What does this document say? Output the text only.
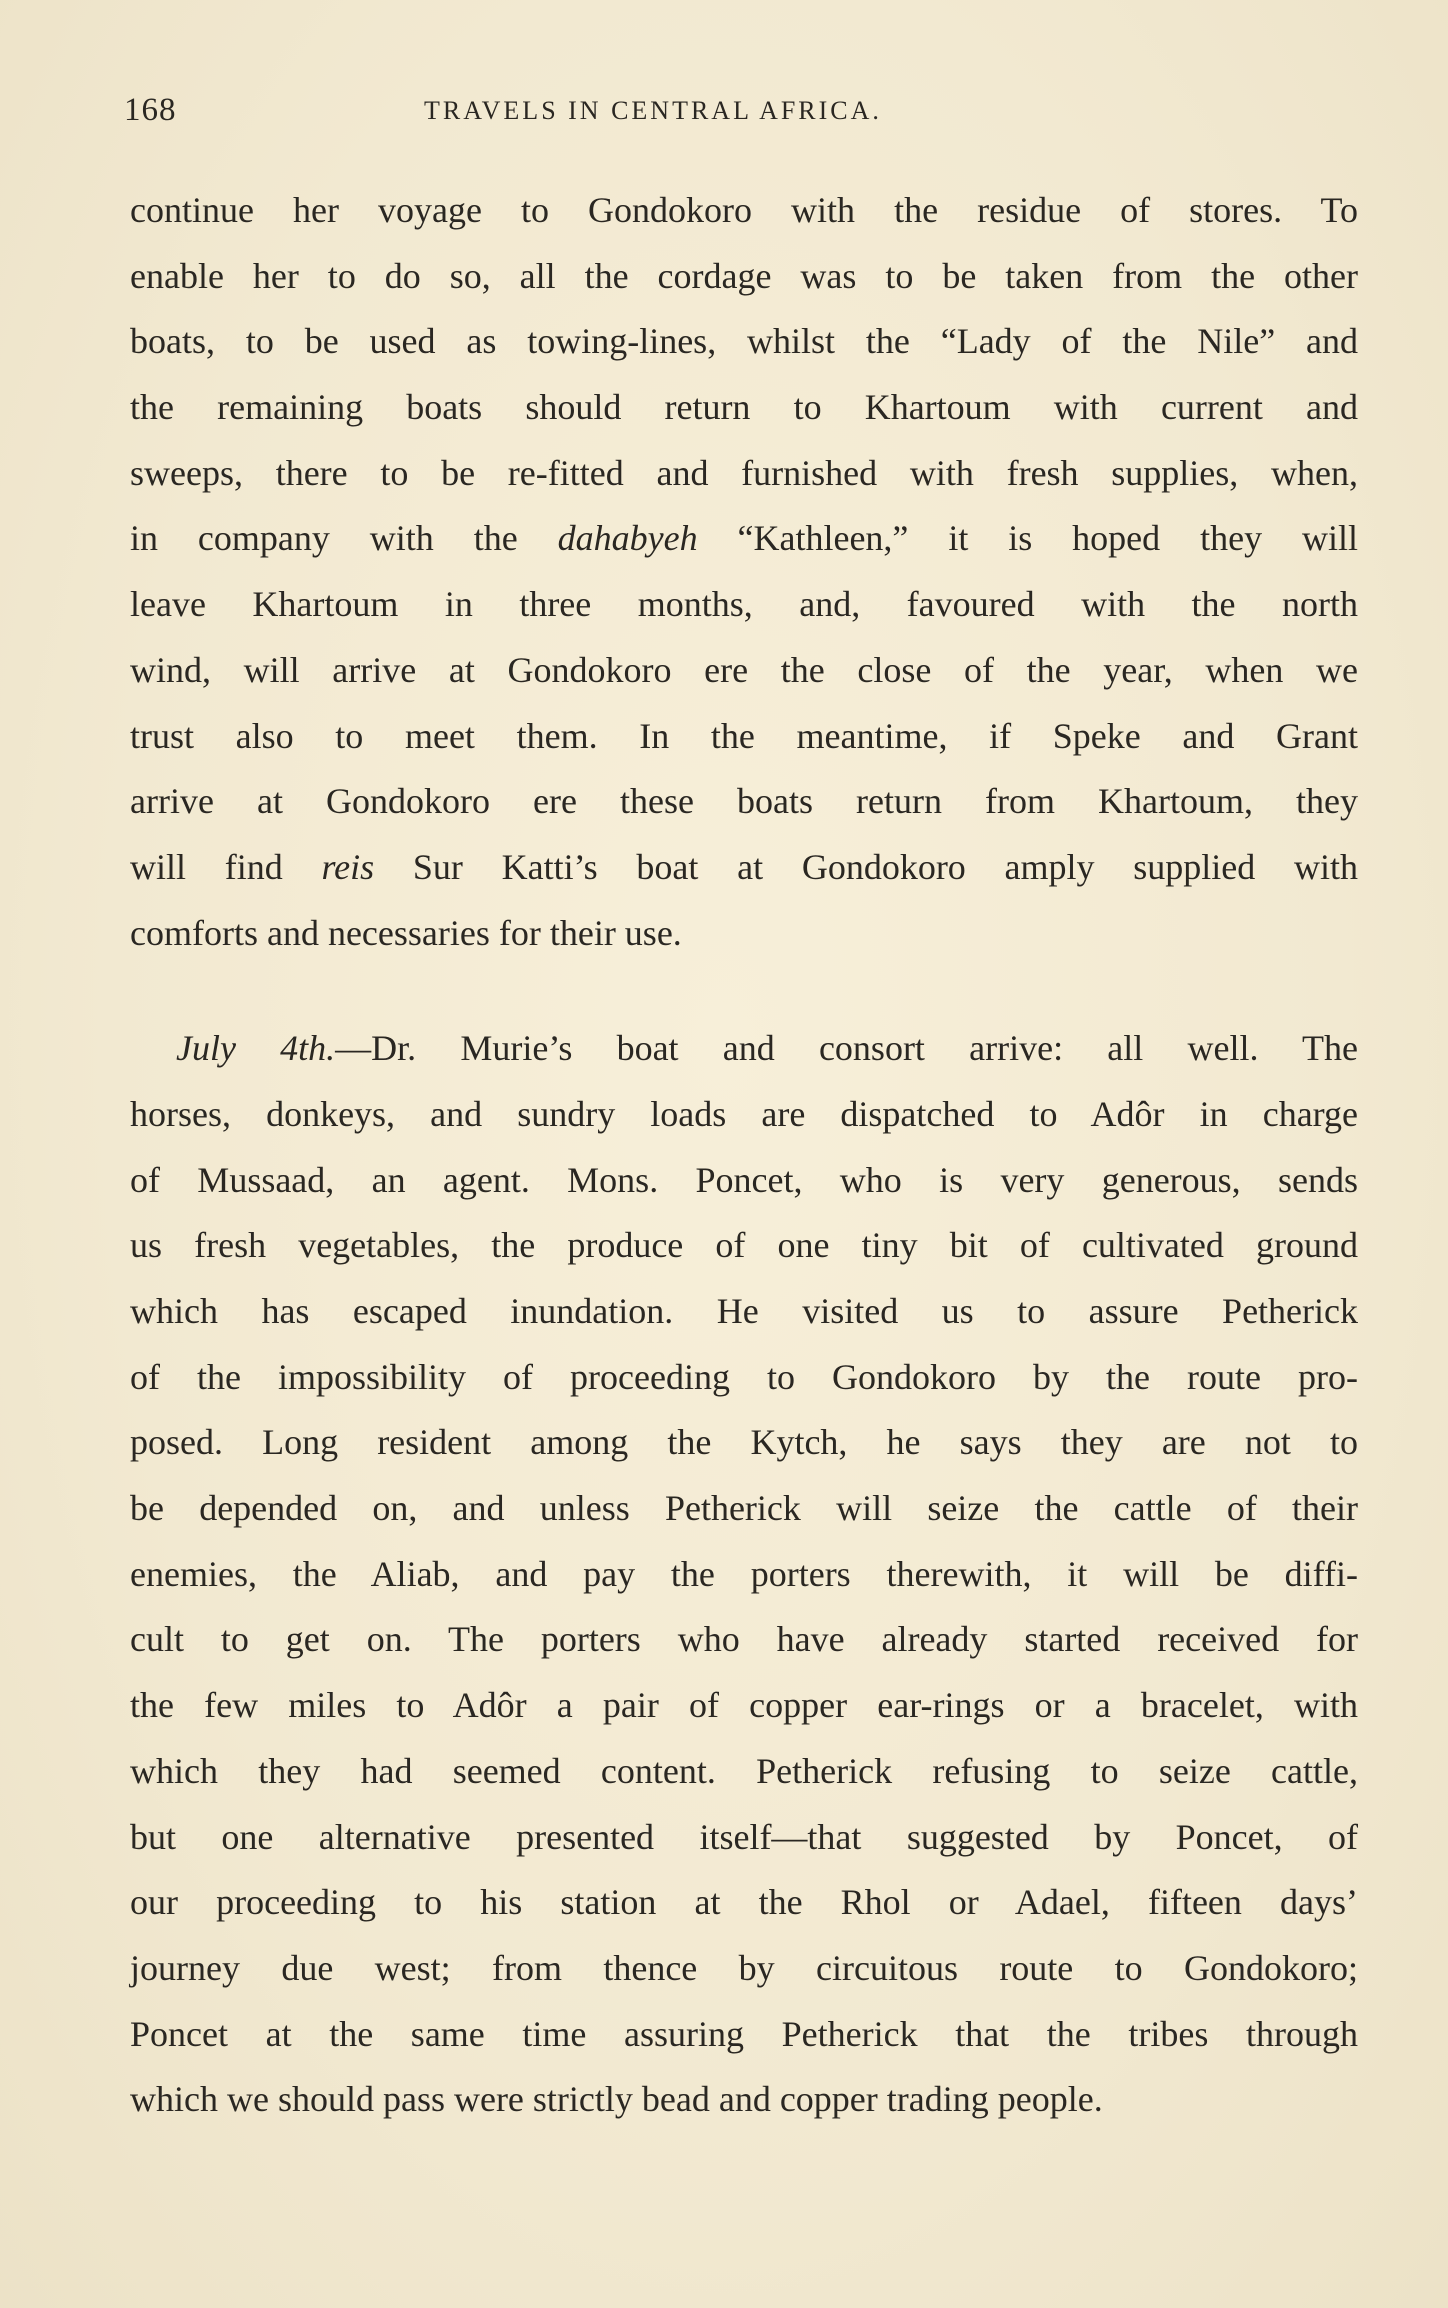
168	TRAVELS IN CENTRAL AFRICA.
continue her voyage to Gondokoro with the residue of stores. To
enable her to do so, all the cordage was to be taken from the other
boats, to be used as towing-lines, whilst the “Lady of the Nile” and
the remaining boats should return to Khartoum with current and
sweeps, there to be re-fitted and furnished with fresh supplies, when,
in company with the dahabyeh “Kathleen,” it is hoped they will
leave Khartoum in three months, and, favoured with the north
wind, will arrive at Gondokoro ere the close of the year, when we
trust also to meet them. In the meantime, if Speke and Grant
arrive at Gondokoro ere these boats return from Khartoum, they
will find reis Sur Katti’s boat at Gondokoro amply supplied with
comforts and necessaries for their use.
July 4th.—Dr. Murie’s boat and consort arrive: all well. The
horses, donkeys, and sundry loads are dispatched to Adôr in charge
of Mussaad, an agent. Mons. Poncet, who is very generous, sends
us fresh vegetables, the produce of one tiny bit of cultivated ground
which has escaped inundation. He visited us to assure Petherick
of the impossibility of proceeding to Gondokoro by the route pro-
posed. Long resident among the Kytch, he says they are not to
be depended on, and unless Petherick will seize the cattle of their
enemies, the Aliab, and pay the porters therewith, it will be diffi-
cult to get on. The porters who have already started received for
the few miles to Adôr a pair of copper ear-rings or a bracelet, with
which they had seemed content. Petherick refusing to seize cattle,
but one alternative presented itself—that suggested by Poncet, of
our proceeding to his station at the Rhol or Adael, fifteen days’
journey due west; from thence by circuitous route to Gondokoro;
Poncet at the same time assuring Petherick that the tribes through
which we should pass were strictly bead and copper trading people.
